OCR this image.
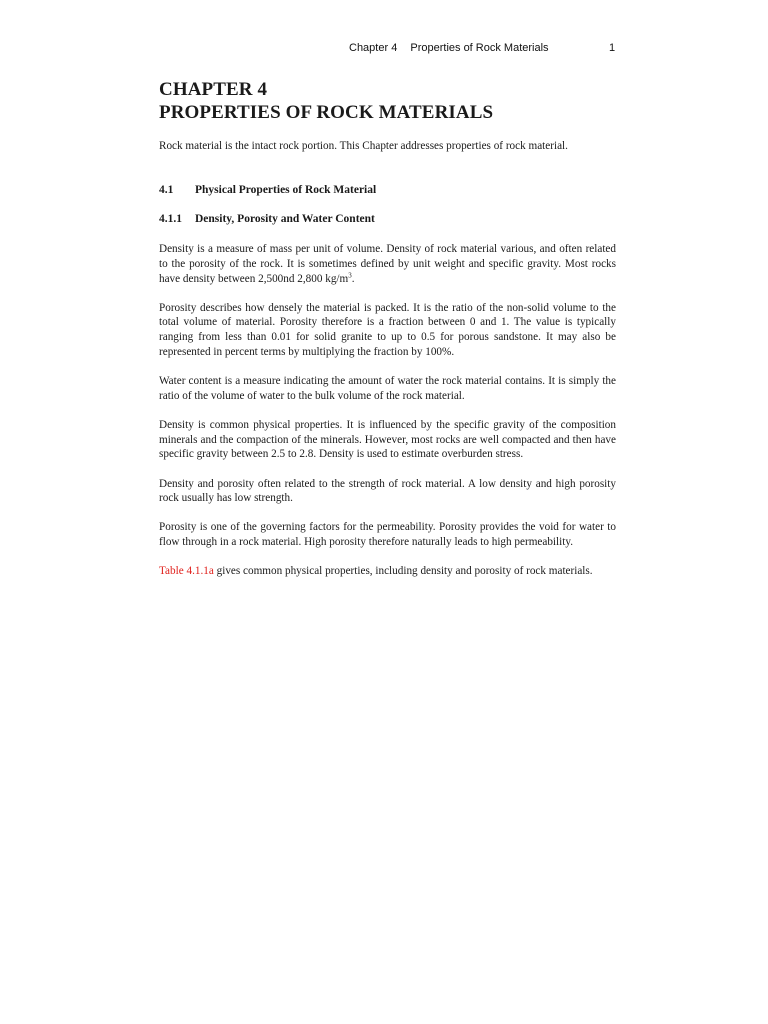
Chapter 4 Properties of Rock Materials	1
CHAPTER 4
PROPERTIES OF ROCK MATERIALS

Rock material is the intact rock portion. This Chapter addresses properties of rock material.

4.1	Physical Properties of Rock Material
4.1.1	Density, Porosity and Water Content

Density is a measure of mass per unit of volume. Density of rock material various, and often related to the porosity of the rock. It is sometimes defined by unit weight and specific gravity. Most rocks have density between 2,500nd 2,800 $kg/m^3$.

Porosity describes how densely the material is packed. It is the ratio of the non-solid volume to the total volume of material. Porosity therefore is a fraction between 0 and 1. The value is typically ranging from less than 0.01 for solid granite to up to 0.5 for porous sandstone. It may also be represented in percent terms by multiplying the fraction by 100%.

Water content is a measure indicating the amount of water the rock material contains. It is simply the ratio of the volume of water to the bulk volume of the rock material.

Density is common physical properties. It is influenced by the specific gravity of the composition minerals and the compaction of the minerals. However, most rocks are well compacted and then have specific gravity between 2.5 to 2.8. Density is used to estimate overburden stress.

Density and porosity often related to the strength of rock material. A low density and high porosity rock usually has low strength.

Porosity is one of the governing factors for the permeability. Porosity provides the void for water to flow through in a rock material. High porosity therefore naturally leads to high permeability.

Table 4.1.1a gives common physical properties, including density and porosity of rock materials.
